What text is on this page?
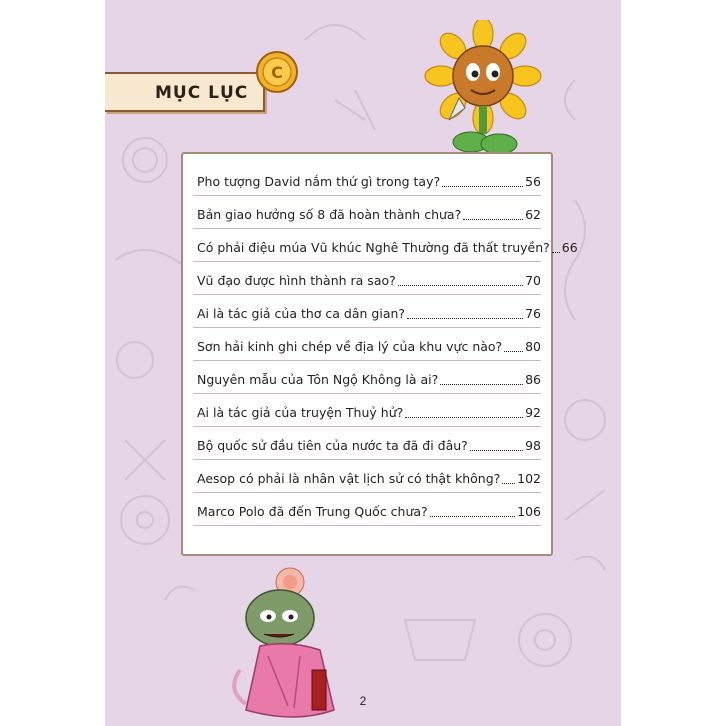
MỤC LỤC
C
Pho tượng David nắm thứ gì trong tay?	56
Bản giao hưởng số 8 đã hoàn thành chưa?	62
Có phải điệu múa Vũ khúc Nghê Thường đã thất truyền? 66
Vũ đạo được hình thành ra sao?	70
Ai là tác giả của thơ ca dân gian?	76
Sơn hải kinh ghi chép về địa lý của khu vực nào? 80
Nguyên mẫu của Tôn Ngộ Không là ai?	86
Ai là tác giả của truyện Thuỷ hử?	92
Bộ quốc sử đầu tiên của nước ta đã đi đâu?	98
Aesop có phải là nhân vật lịch sử có thật không? 102
Marco Polo đã đến Trung Quốc chưa?	106
2
